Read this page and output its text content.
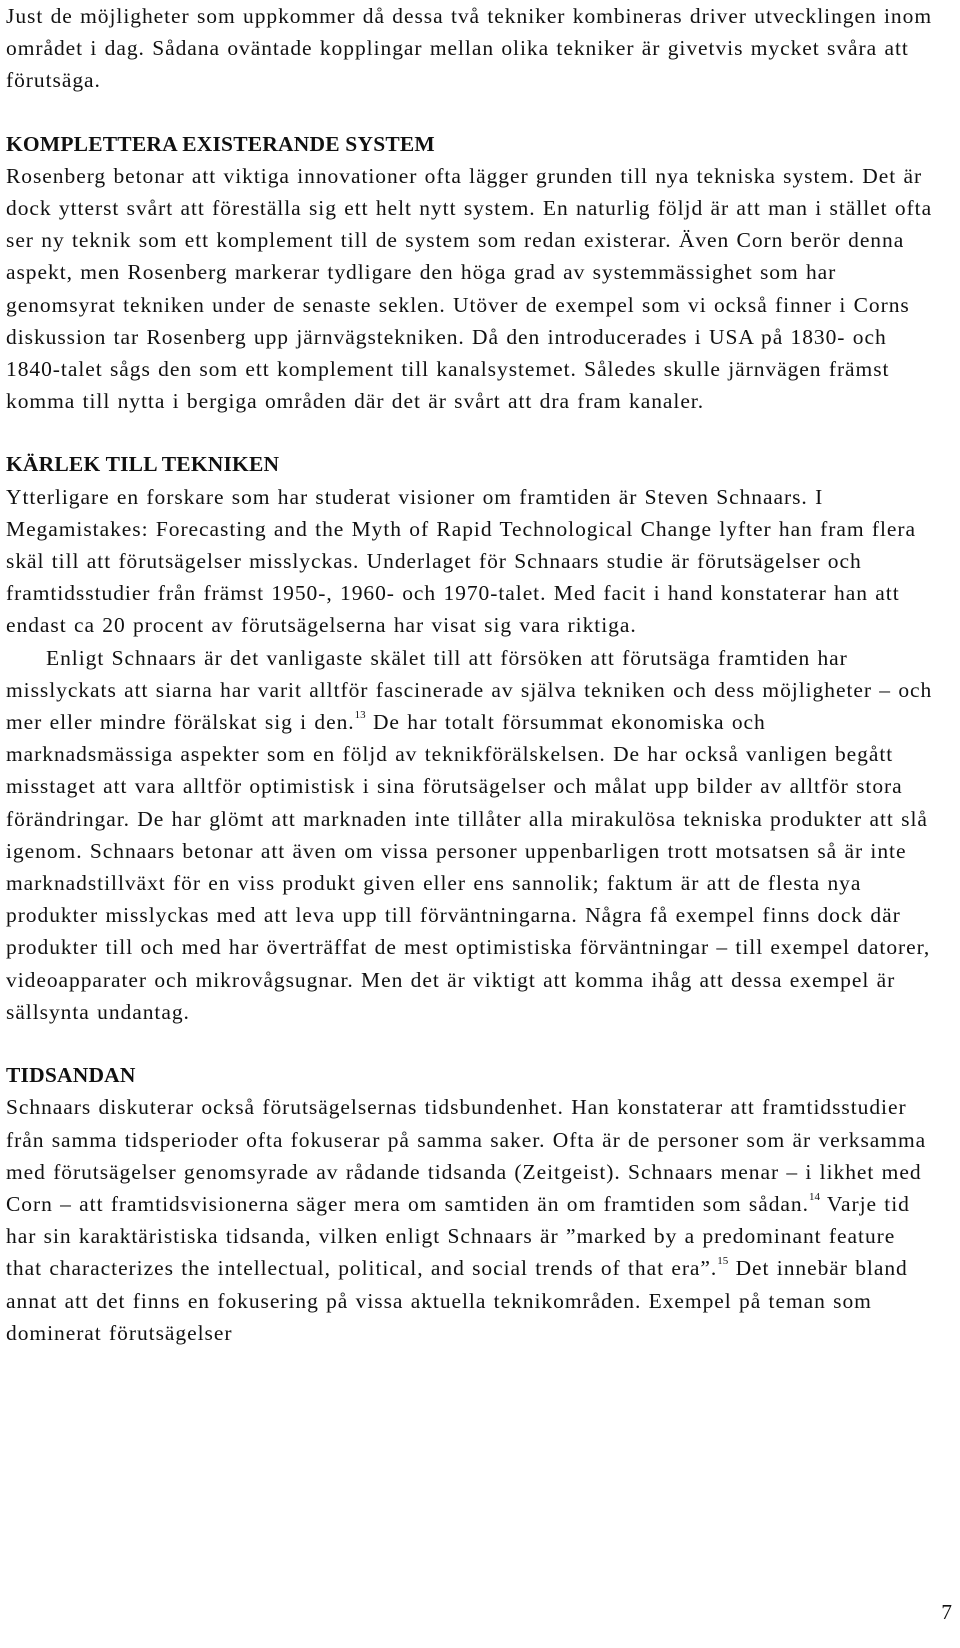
Just de möjligheter som uppkommer då dessa två tekniker kombineras driver utvecklingen inom området i dag. Sådana oväntade kopplingar mellan olika tekniker är givetvis mycket svåra att förutsäga.

KOMPLETTERA EXISTERANDE SYSTEM

Rosenberg betonar att viktiga innovationer ofta lägger grunden till nya tekniska system. Det är dock ytterst svårt att föreställa sig ett helt nytt system. En naturlig följd är att man i stället ofta ser ny teknik som ett komplement till de system som redan existerar. Även Corn berör denna aspekt, men Rosenberg markerar tydligare den höga grad av systemmässighet som har genomsyrat tekniken under de senaste seklen. Utöver de exempel som vi också finner i Corns diskussion tar Rosenberg upp järnvägstekniken. Då den introducerades i USA på 1830- och 1840-talet sågs den som ett komplement till kanalsystemet. Således skulle järnvägen främst komma till nytta i bergiga områden där det är svårt att dra fram kanaler.

KÄRLEK TILL TEKNIKEN

Ytterligare en forskare som har studerat visioner om framtiden är Steven Schnaars. I Megamistakes: Forecasting and the Myth of Rapid Technological Change lyfter han fram flera skäl till att förutsägelser misslyckas. Underlaget för Schnaars studie är förutsägelser och framtidsstudier från främst 1950-, 1960- och 1970-talet. Med facit i hand konstaterar han att endast ca 20 procent av förutsägelserna har visat sig vara riktiga.

Enligt Schnaars är det vanligaste skälet till att försöken att förutsäga framtiden har misslyckats att siarna har varit alltför fascinerade av själva tekniken och dess möjligheter – och mer eller mindre förälskat sig i den.$^{13}$ De har totalt försummat ekonomiska och marknadsmässiga aspekter som en följd av teknikförälskelsen. De har också vanligen begått misstaget att vara alltför optimistisk i sina förutsägelser och målat upp bilder av alltför stora förändringar. De har glömt att marknaden inte tillåter alla mirakulösa tekniska produkter att slå igenom. Schnaars betonar att även om vissa personer uppenbarligen trott motsatsen så är inte marknadstillväxt för en viss produkt given eller ens sannolik; faktum är att de flesta nya produkter misslyckas med att leva upp till förväntningarna. Några få exempel finns dock där produkter till och med har överträffat de mest optimistiska förväntningar – till exempel datorer, videoapparater och mikrovågsugnar. Men det är viktigt att komma ihåg att dessa exempel är sällsynta undantag.

TIDSANDAN

Schnaars diskuterar också förutsägelsernas tidsbundenhet. Han konstaterar att framtidsstudier från samma tidsperioder ofta fokuserar på samma saker. Ofta är de personer som är verksamma med förutsägelser genomsyrade av rådande tidsanda (Zeitgeist). Schnaars menar – i likhet med Corn – att framtidsvisionerna säger mera om samtiden än om framtiden som sådan.$^{14}$ Varje tid har sin karaktäristiska tidsanda, vilken enligt Schnaars är ”marked by a predominant feature that characterizes the intellectual, political, and social trends of that era”.$^{15}$ Det innebär bland annat att det finns en fokusering på vissa aktuella teknikområden. Exempel på teman som dominerat förutsägelser

7
